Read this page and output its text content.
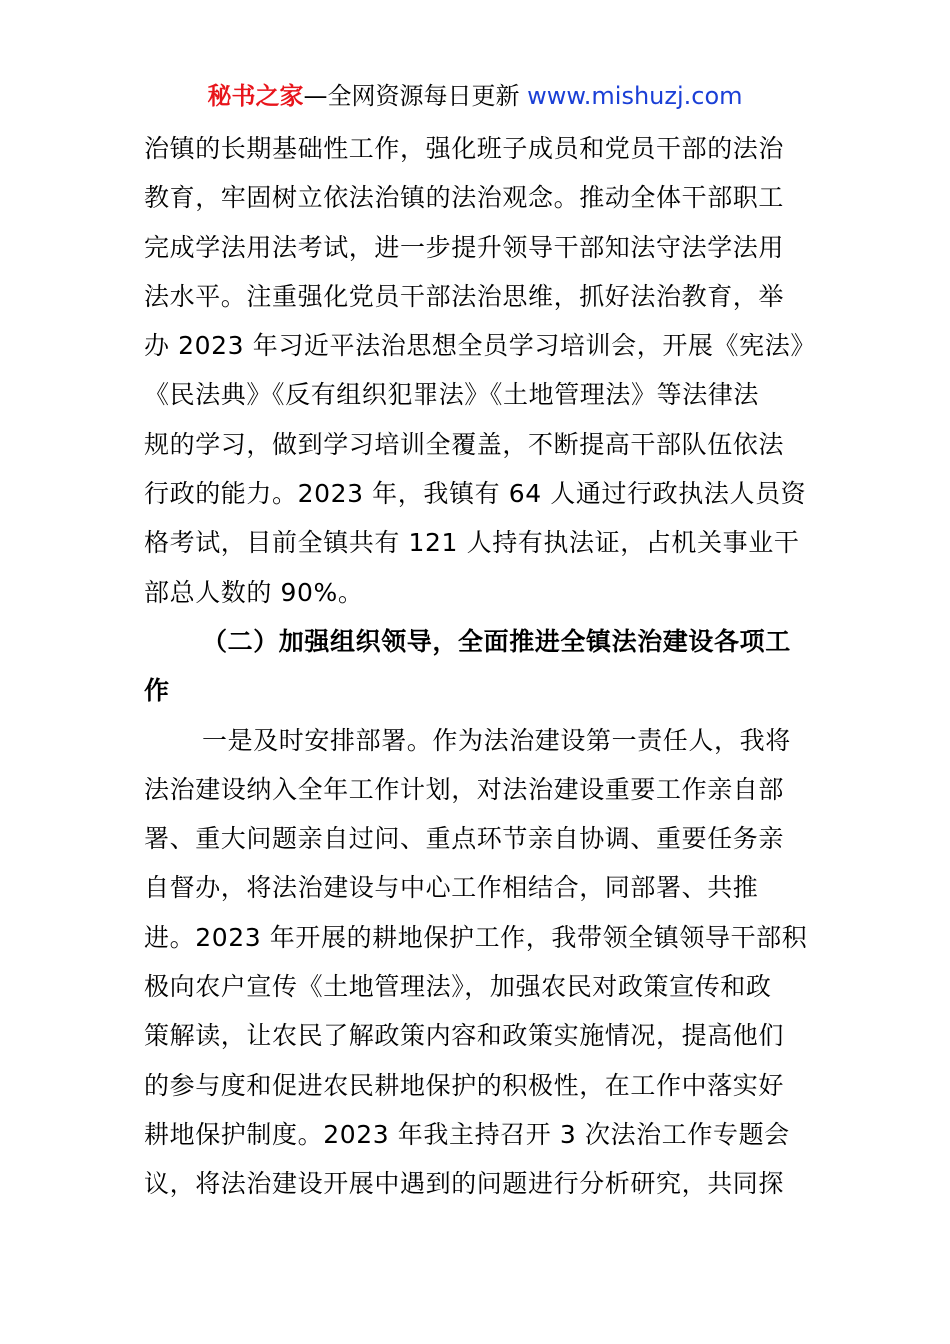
秘书之家—全网资源每日更新 www.mishuzj.com
治镇的长期基础性工作，强化班子成员和党员干部的法治
教育，牢固树立依法治镇的法治观念。推动全体干部职工
完成学法用法考试，进一步提升领导干部知法守法学法用
法水平。注重强化党员干部法治思维，抓好法治教育，举
办 2023 年习近平法治思想全员学习培训会，开展《宪法》
《民法典》《反有组织犯罪法》《土地管理法》等法律法
规的学习，做到学习培训全覆盖，不断提高干部队伍依法
行政的能力。2023 年，我镇有 64 人通过行政执法人员资
格考试，目前全镇共有 121 人持有执法证，占机关事业干
部总人数的 90%。
（二）加强组织领导，全面推进全镇法治建设各项工
作
一是及时安排部署。作为法治建设第一责任人，我将
法治建设纳入全年工作计划，对法治建设重要工作亲自部
署、重大问题亲自过问、重点环节亲自协调、重要任务亲
自督办，将法治建设与中心工作相结合，同部署、共推
进。2023 年开展的耕地保护工作，我带领全镇领导干部积
极向农户宣传《土地管理法》，加强农民对政策宣传和政
策解读，让农民了解政策内容和政策实施情况，提高他们
的参与度和促进农民耕地保护的积极性，在工作中落实好
耕地保护制度。2023 年我主持召开 3 次法治工作专题会
议，将法治建设开展中遇到的问题进行分析研究，共同探
